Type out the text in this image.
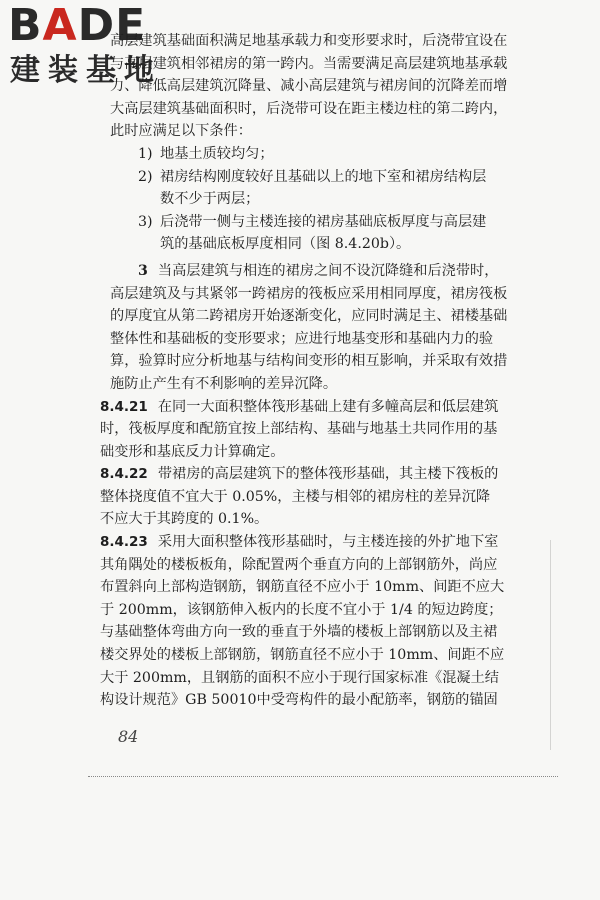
BADE
建装基地

高层建筑基础面积满足地基承载力和变形要求时，后浇带宜设在
与高层建筑相邻裙房的第一跨内。当需要满足高层建筑地基承载
力、降低高层建筑沉降量、减小高层建筑与裙房间的沉降差而增
大高层建筑基础面积时，后浇带可设在距主楼边柱的第二跨内，
此时应满足以下条件：

1) 地基土质较均匀；
2) 裙房结构刚度较好且基础以上的地下室和裙房结构层
数不少于两层；
3) 后浇带一侧与主楼连接的裙房基础底板厚度与高层建
筑的基础底板厚度相同（图 8.4.20b）。

3 当高层建筑与相连的裙房之间不设沉降缝和后浇带时，
高层建筑及与其紧邻一跨裙房的筏板应采用相同厚度，裙房筏板
的厚度宜从第二跨裙房开始逐渐变化，应同时满足主、裙楼基础
整体性和基础板的变形要求；应进行地基变形和基础内力的验
算，验算时应分析地基与结构间变形的相互影响，并采取有效措
施防止产生有不利影响的差异沉降。

8.4.21 在同一大面积整体筏形基础上建有多幢高层和低层建筑
时，筏板厚度和配筋宜按上部结构、基础与地基土共同作用的基
础变形和基底反力计算确定。

8.4.22 带裙房的高层建筑下的整体筏形基础，其主楼下筏板的
整体挠度值不宜大于 0.05%，主楼与相邻的裙房柱的差异沉降
不应大于其跨度的 0.1%。

8.4.23 采用大面积整体筏形基础时，与主楼连接的外扩地下室
其角隅处的楼板板角，除配置两个垂直方向的上部钢筋外，尚应
布置斜向上部构造钢筋，钢筋直径不应小于 10mm、间距不应大
于 200mm，该钢筋伸入板内的长度不宜小于 1/4 的短边跨度；
与基础整体弯曲方向一致的垂直于外墙的楼板上部钢筋以及主裙
楼交界处的楼板上部钢筋，钢筋直径不应小于 10mm、间距不应
大于 200mm，且钢筋的面积不应小于现行国家标准《混凝土结
构设计规范》GB 50010中受弯构件的最小配筋率，钢筋的锚固

84
